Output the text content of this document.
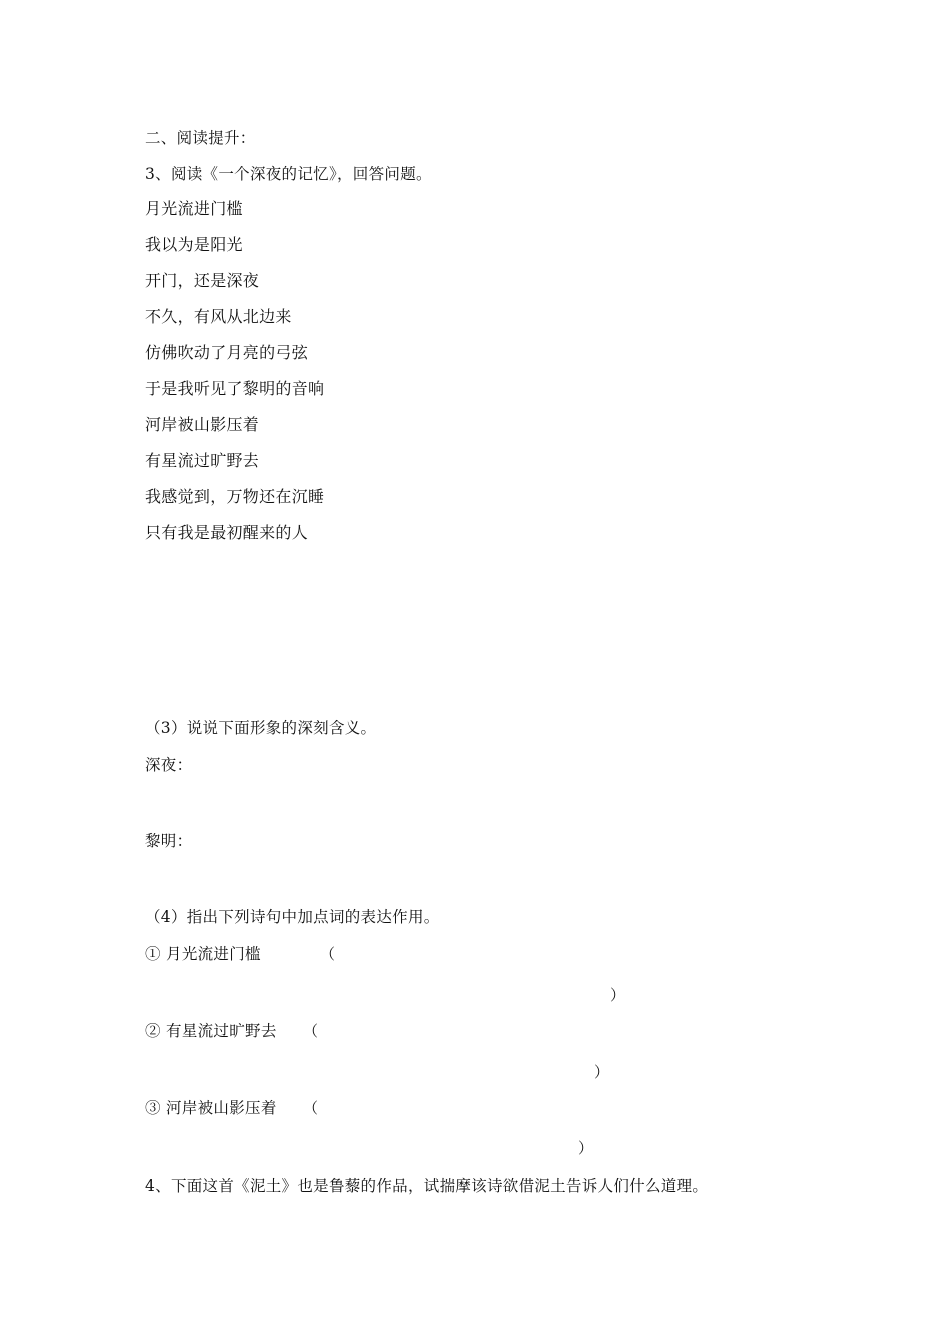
二、阅读提升：
3、阅读《一个深夜的记忆》，回答问题。
月光流进门槛
我以为是阳光
开门，还是深夜
不久，有风从北边来
仿佛吹动了月亮的弓弦
于是我听见了黎明的音响
河岸被山影压着
有星流过旷野去
我感觉到，万物还在沉睡
只有我是最初醒来的人
（3）说说下面形象的深刻含义。
深夜：
黎明：
（4）指出下列诗句中加点词的表达作用。
① 月光流进门槛	（
）
② 有星流过旷野去 （
）
③ 河岸被山影压着 （
）
4、下面这首《泥土》也是鲁藜的作品，试揣摩该诗欲借泥土告诉人们什么道理。
